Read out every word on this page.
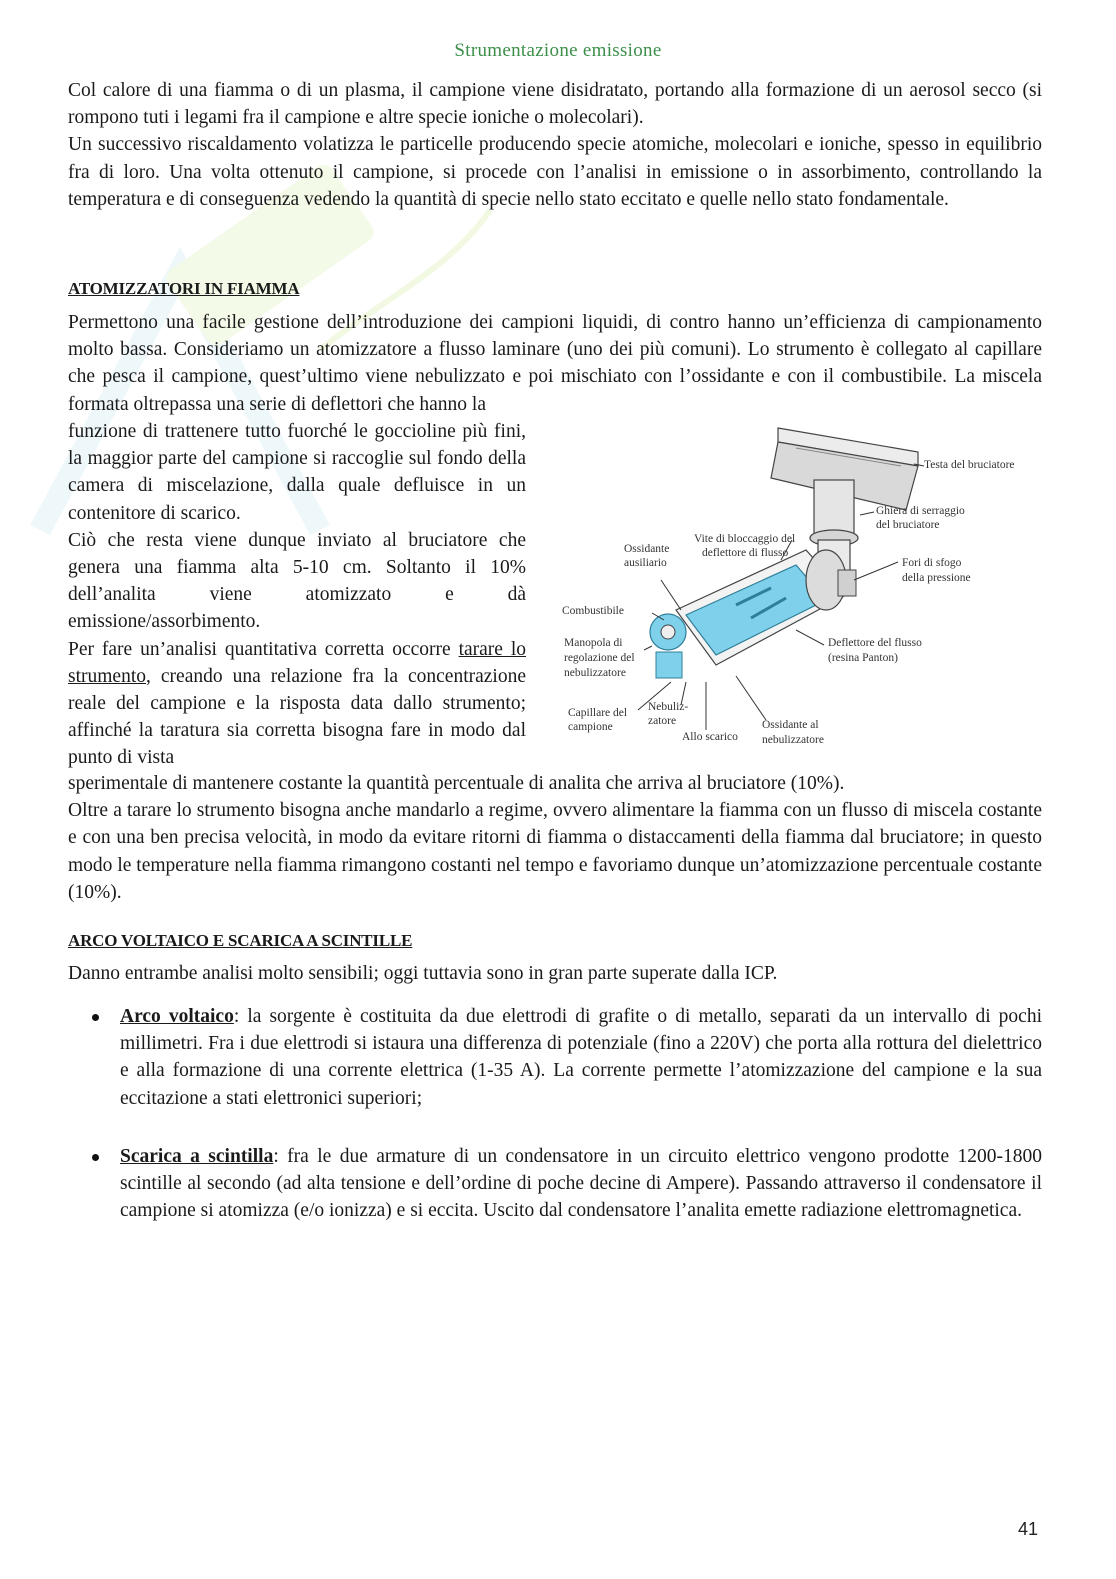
Strumentazione emissione

Col calore di una fiamma o di un plasma, il campione viene disidratato, portando alla formazione di un aerosol secco (si rompono tuti i legami fra il campione e altre specie ioniche o molecolari).

Un successivo riscaldamento volatizza le particelle producendo specie atomiche, molecolari e ioniche, spesso in equilibrio fra di loro. Una volta ottenuto il campione, si procede con l’analisi in emissione o in assorbimento, controllando la temperatura e di conseguenza vedendo la quantità di specie nello stato eccitato e quelle nello stato fondamentale.

ATOMIZZATORI IN FIAMMA

Permettono una facile gestione dell’introduzione dei campioni liquidi, di contro hanno un’efficienza di campionamento molto bassa. Consideriamo un atomizzatore a flusso laminare (uno dei più comuni). Lo strumento è collegato al capillare che pesca il campione, quest’ultimo viene nebulizzato e poi mischiato con l’ossidante e con il combustibile. La miscela formata oltrepassa una serie di deflettori che hanno la

funzione di trattenere tutto fuorché le goccioline più fini, la maggior parte del campione si raccoglie sul fondo della camera di miscelazione, dalla quale defluisce in un contenitore di scarico.

Ciò che resta viene dunque inviato al bruciatore che genera una fiamma alta 5-10 cm. Soltanto il 10% dell’analita viene atomizzato e dà emissione/assorbimento.

Per fare un’analisi quantitativa corretta occorre tarare lo strumento, creando una relazione fra la concentrazione reale del campione e la risposta data dallo strumento; affinché la taratura sia corretta bisogna fare in modo dal punto di vista

Testa del bruciatore
Ghiera di serraggio
del bruciatore
Vite di bloccaggio del
deflettore di flusso
Ossidante
ausiliario	Fori di sfogo
della pressione
Combustibile
Manopola di
regolazione del
nebulizzatore
Deflettore del flusso
(resina Panton)
Capillare del
campione
Nebuliz-
zatore
Allo scarico
Ossidante al
nebulizzatore

sperimentale di mantenere costante la quantità percentuale di analita che arriva al bruciatore (10%).

Oltre a tarare lo strumento bisogna anche mandarlo a regime, ovvero alimentare la fiamma con un flusso di miscela costante e con una ben precisa velocità, in modo da evitare ritorni di fiamma o distaccamenti della fiamma dal bruciatore; in questo modo le temperature nella fiamma rimangono costanti nel tempo e favoriamo dunque un’atomizzazione percentuale costante (10%).

ARCO VOLTAICO E SCARICA A SCINTILLE
Danno entrambe analisi molto sensibili; oggi tuttavia sono in gran parte superate dalla ICP.
Arco voltaico: la sorgente è costituita da due elettrodi di grafite o di metallo, separati da un intervallo di pochi millimetri. Fra i due elettrodi si istaura una differenza di potenziale (fino a 220V) che porta alla rottura del dielettrico e alla formazione di una corrente elettrica (1-35 A). La corrente permette l’atomizzazione del campione e la sua eccitazione a stati elettronici superiori;
Scarica a scintilla: fra le due armature di un condensatore in un circuito elettrico vengono prodotte 1200-1800 scintille al secondo (ad alta tensione e dell’ordine di poche decine di Ampere). Passando attraverso il condensatore il campione si atomizza (e/o ionizza) e si eccita. Uscito dal condensatore l’analita emette radiazione elettromagnetica.
41
